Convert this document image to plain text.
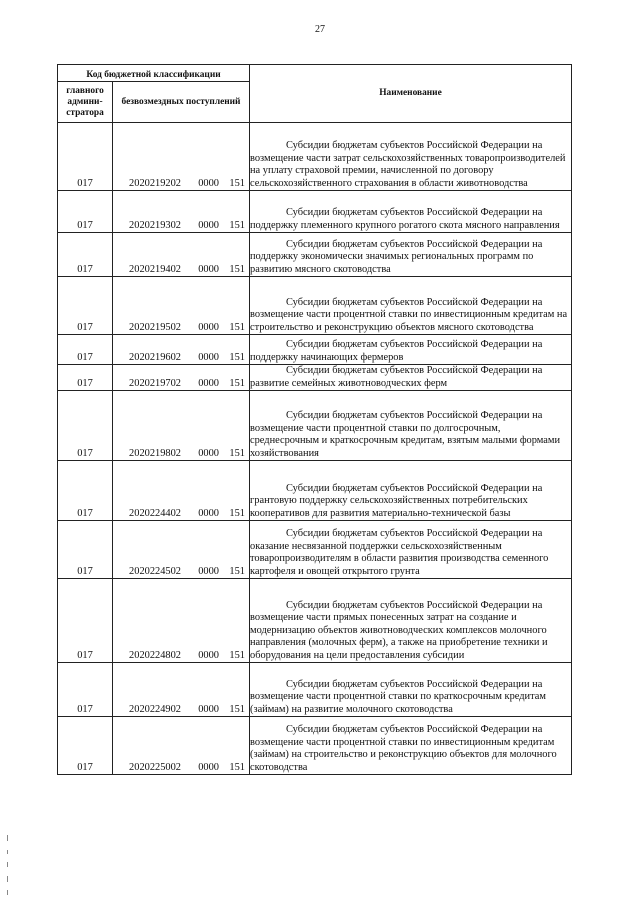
27
Код бюджетной классификации		Наименование
главного админи-стратора	безвозмездных поступлений	
017	2020219202 0000 151	Субсидии бюджетам субъектов Российской Федерации на возмещение части затрат сельскохозяйственных товаропроизводителей на уплату страховой премии, начисленной по договору сельскохозяйственного страхования в области животноводства

017	2020219302 0000 151	Субсидии бюджетам субъектов Российской Федерации на поддержку племенного крупного рогатого скота мясного направления

017	2020219402 0000 151	Субсидии бюджетам субъектов Российской Федерации на поддержку экономически значимых региональных программ по развитию мясного скотоводства

017	2020219502 0000 151	Субсидии бюджетам субъектов Российской Федерации на возмещение части процентной ставки по инвестиционным кредитам на строительство и реконструкцию объектов мясного скотоводства

017	2020219602 0000 151	Субсидии бюджетам субъектов Российской Федерации на поддержку начинающих фермеров

017	2020219702 0000 151	Субсидии бюджетам субъектов Российской Федерации на развитие семейных животноводческих ферм

017	2020219802 0000 151	Субсидии бюджетам субъектов Российской Федерации на возмещение части процентной ставки по долгосрочным, среднесрочным и краткосрочным кредитам, взятым малыми формами хозяйствования

017	2020224402 0000 151	Субсидии бюджетам субъектов Российской Федерации на грантовую поддержку сельскохозяйственных потребительских кооперативов для развития материально-технической базы

017	2020224502 0000 151	Субсидии бюджетам субъектов Российской Федерации на оказание несвязанной поддержки сельскохозяйственным товаропроизводителям в области развития производства семенного картофеля и овощей открытого грунта

017	2020224802 0000 151	Субсидии бюджетам субъектов Российской Федерации на возмещение части прямых понесенных затрат на создание и модернизацию объектов животноводческих комплексов молочного направления (молочных ферм), а также на приобретение техники и оборудования на цели предоставления субсидии

017	2020224902 0000 151	Субсидии бюджетам субъектов Российской Федерации на возмещение части процентной ставки по краткосрочным кредитам (займам) на развитие молочного скотоводства

017	2020225002 0000 151	Субсидии бюджетам субъектов Российской Федерации на возмещение части процентной ставки по инвестиционным кредитам (займам) на строительство и реконструкцию объектов для молочного скотоводства
